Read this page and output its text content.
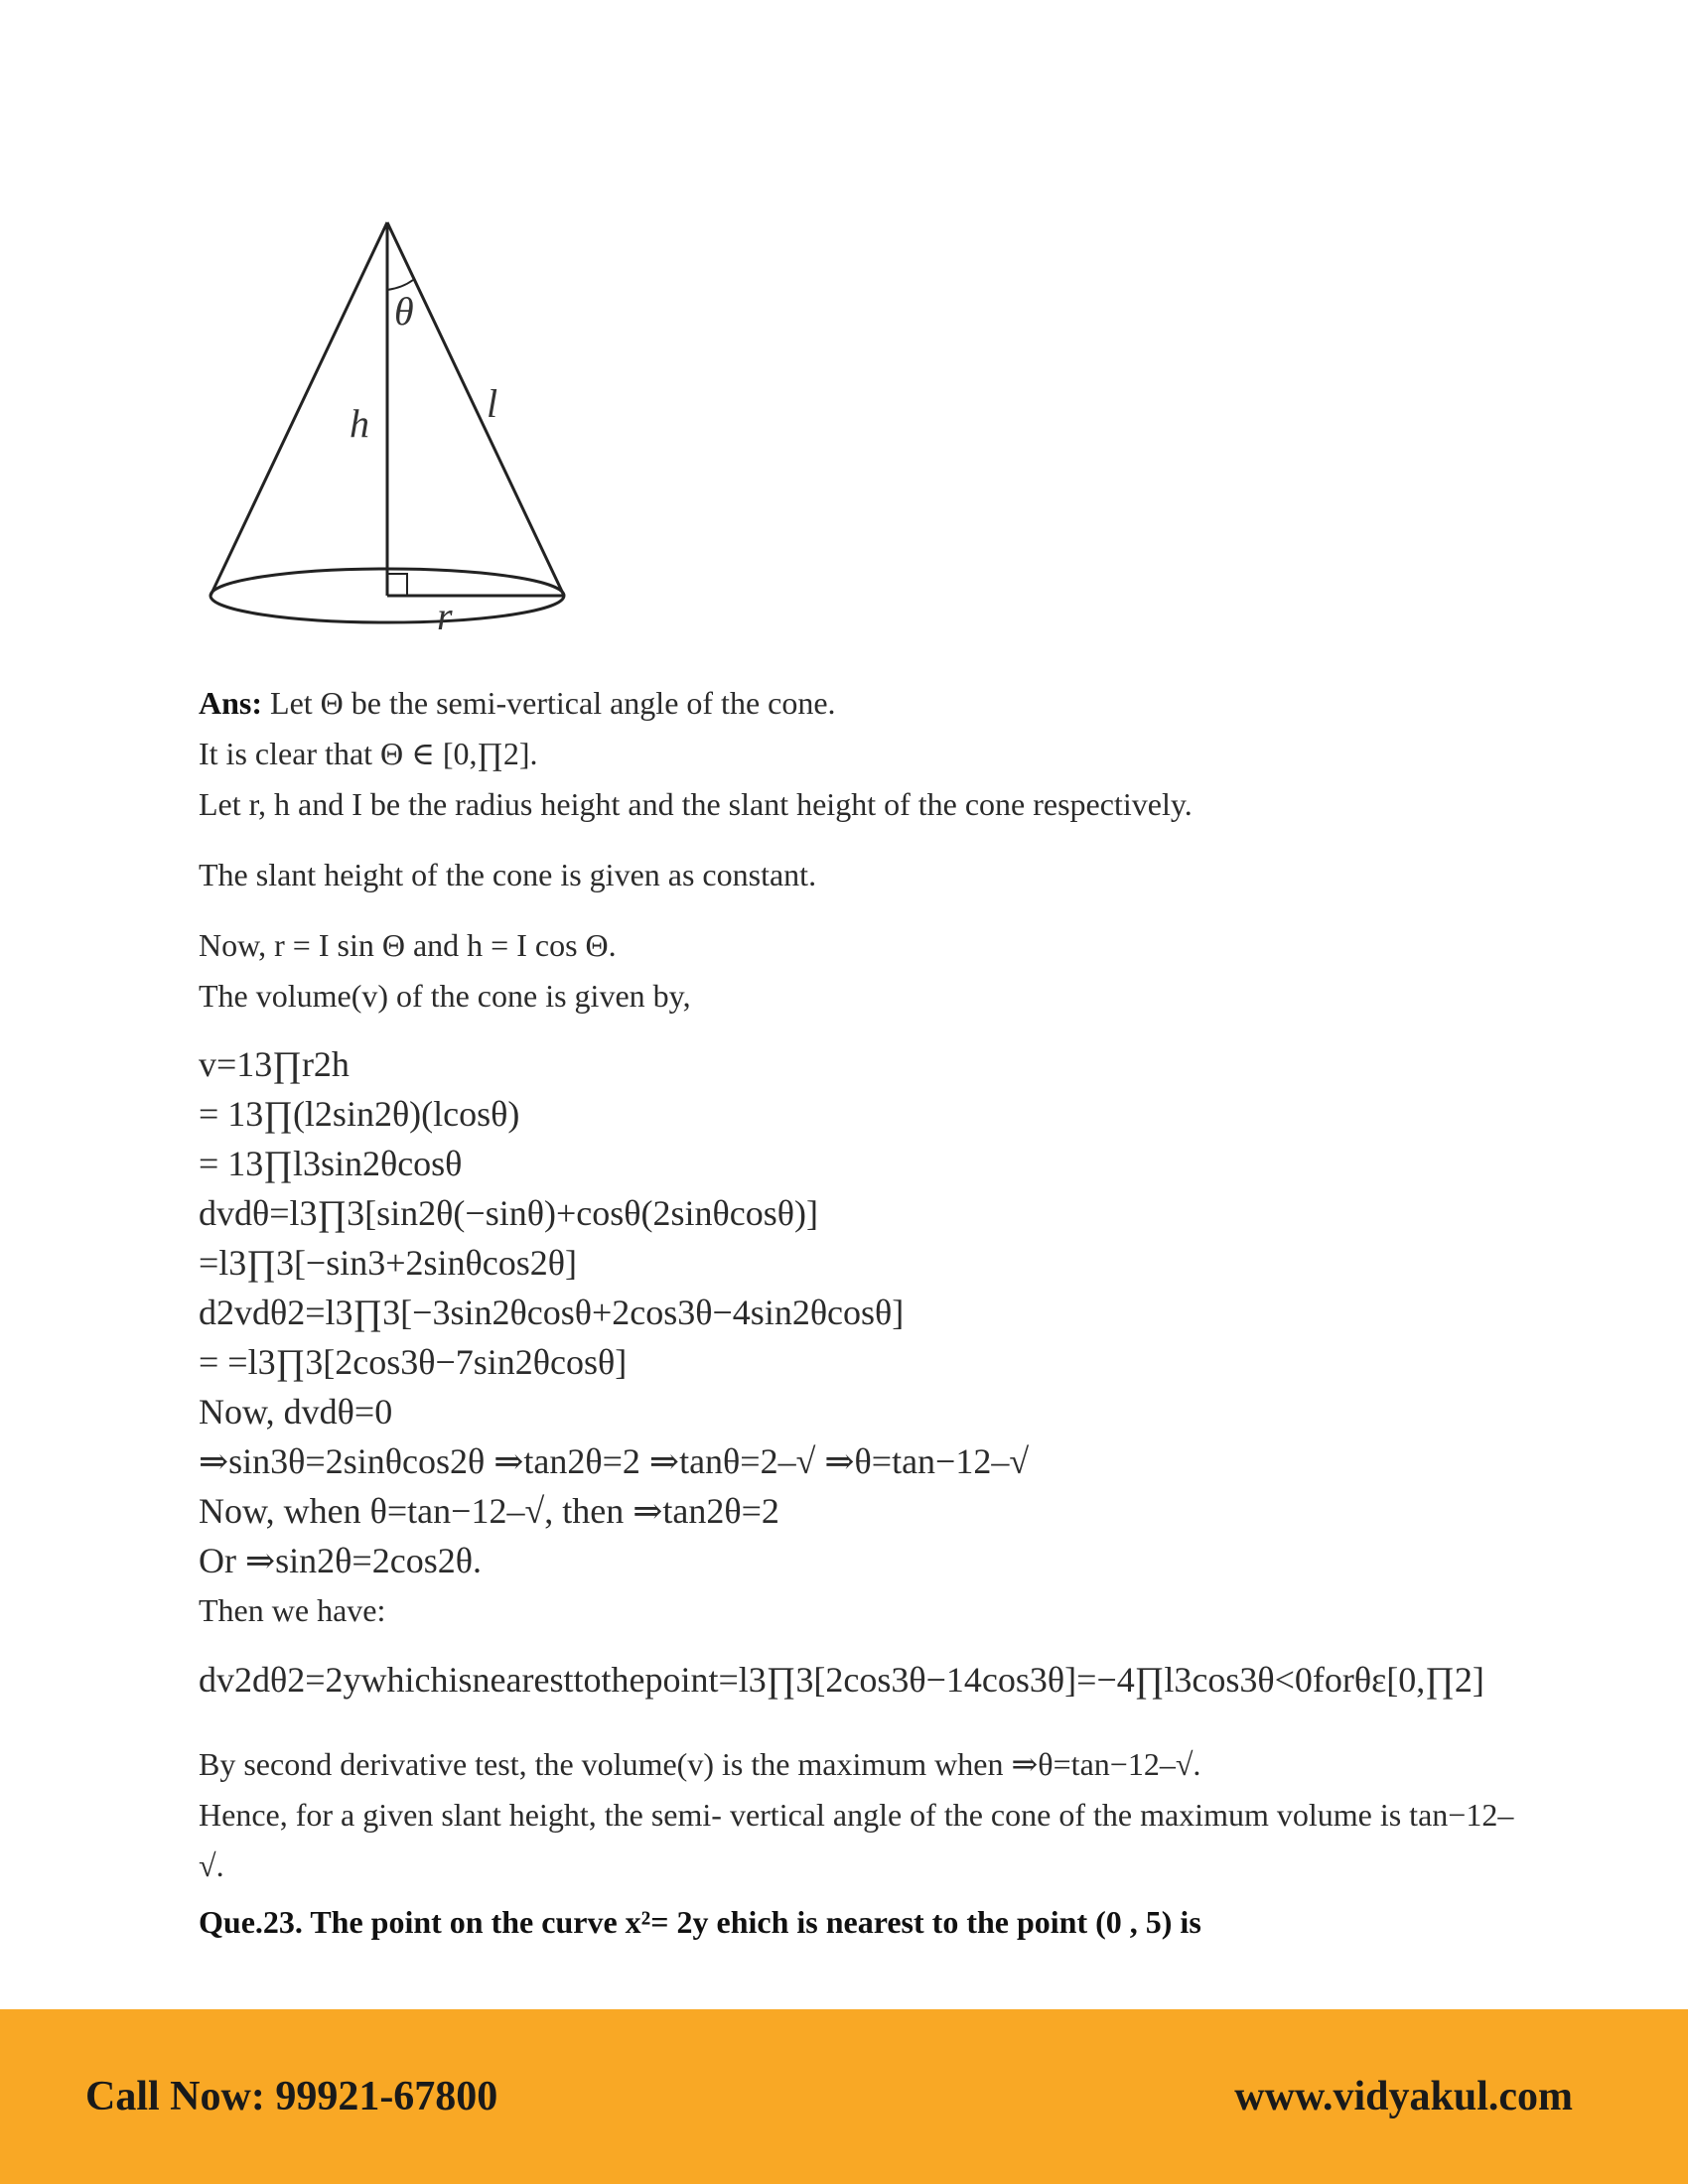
θ
h	l
r

Ans: Let Θ be the semi-vertical angle of the cone.

It is clear that Θ ∈ [0,∏2].

Let r, h and I be the radius height and the slant height of the cone respectively.

The slant height of the cone is given as constant.

Now, r = I sin Θ and h = I cos Θ.

The volume(v) of the cone is given by,

v=13∏r2h

= 13∏(l2sin2θ)(lcosθ)

= 13∏l3sin2θcosθ

dvdθ=l3∏3[sin2θ(−sinθ)+cosθ(2sinθcosθ)]

=l3∏3[−sin3+2sinθcos2θ]

d2vdθ2=l3∏3[−3sin2θcosθ+2cos3θ−4sin2θcosθ]

= =l3∏3[2cos3θ−7sin2θcosθ]

Now, dvdθ=0

⇒sin3θ=2sinθcos2θ ⇒tan2θ=2 ⇒tanθ=2–√ ⇒θ=tan−12–√

Now, when θ=tan−12–√, then ⇒tan2θ=2

Or ⇒sin2θ=2cos2θ.

Then we have:

dv2dθ2=2ywhichisnearesttothepoint=l3∏3[2cos3θ−14cos3θ]=−4∏l3cos3θ<0forθε[0,∏2]

By second derivative test, the volume(v) is the maximum when ⇒θ=tan−12–√.

Hence, for a given slant height, the semi- vertical angle of the cone of the maximum volume is tan−12–√.

Que.23. The point on the curve x²= 2y ehich is nearest to the point (0 , 5) is

Call Now: 99921-67800	www.vidyakul.com
